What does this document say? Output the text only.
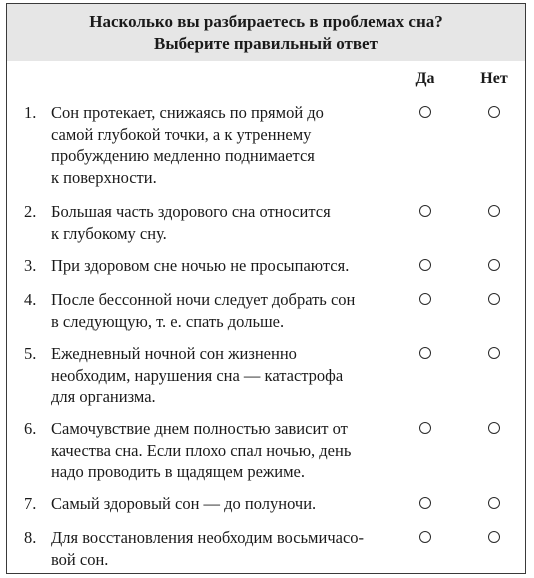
Насколько вы разбираетесь в проблемах сна?
Выберите правильный ответ
Да	Нет
1. Сон протекает, снижаясь по прямой до
самой глубокой точки, а к утреннему
пробуждению медленно поднимается
к поверхности.
2. Большая часть здорового сна относится
к глубокому сну.
3. При здоровом сне ночью не просыпаются.
4. После бессонной ночи следует добрать сон
в следующую, т. е. спать дольше.
5. Ежедневный ночной сон жизненно
необходим, нарушения сна — катастрофа
для организма.
6. Самочувствие днем полностью зависит от
качества сна. Если плохо спал ночью, день
надо проводить в щадящем режиме.
7. Самый здоровый сон — до полуночи.
8. Для восстановления необходим восьмичасо-
вой сон.
